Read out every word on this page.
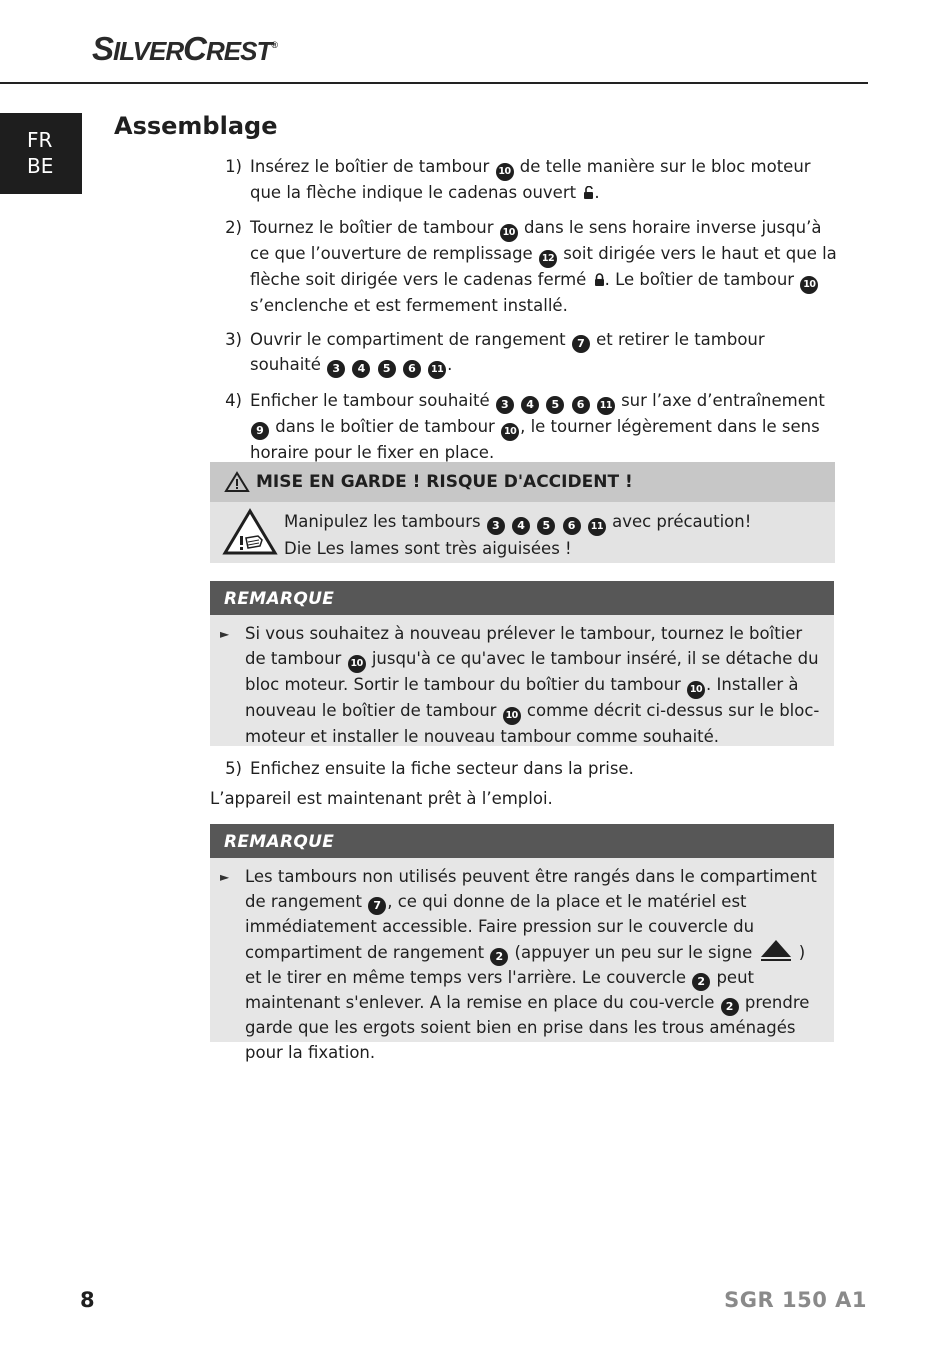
SILVERCREST®
FR
BE
Assemblage
1) Insérez le boîtier de tambour 10 de telle manière sur le bloc moteur que la flèche indique le cadenas ouvert .
2) Tournez le boîtier de tambour 10 dans le sens horaire inverse jusqu’à ce que l’ouverture de remplissage 12 soit dirigée vers le haut et que la flèche soit dirigée vers le cadenas fermé . Le boîtier de tambour 10 s’enclenche et est fermement installé.
3) Ouvrir le compartiment de rangement 7 et retirer le tambour souhaité 3 4 5 6 11 .
4) Enficher le tambour souhaité 3 4 5 6 11 sur l’axe d’entraînement 9 dans le boîtier de tambour 10 , le tourner légèrement dans le sens horaire pour le fixer en place.
MISE EN GARDE ! RISQUE D'ACCIDENT !
Manipulez les tambours 3 4 5 6 11 avec précaution!
Die Les lames sont très aiguisées !
REMARQUE
► Si vous souhaitez à nouveau prélever le tambour, tournez le boîtier de tambour 10 jusqu'à ce qu'avec le tambour inséré, il se détache du bloc moteur. Sortir le tambour du boîtier du tambour 10 . Installer à nouveau le boîtier de tambour 10 comme décrit ci-dessus sur le bloc-moteur et installer le nouveau tambour comme souhaité.
5) Enfichez ensuite la fiche secteur dans la prise.
L’appareil est maintenant prêt à l’emploi.
REMARQUE
► Les tambours non utilisés peuvent être rangés dans le compartiment de rangement 7 , ce qui donne de la place et le matériel est immédiatement accessible. Faire pression sur le couvercle du compartiment de rangement 2 (appuyer un peu sur le signe  ) et le tirer en même temps vers l'arrière. Le couvercle 2 peut maintenant s'enlever. A la remise en place du cou-vercle 2 prendre garde que les ergots soient bien en prise dans les trous aménagés pour la fixation.
8	SGR 150 A1
